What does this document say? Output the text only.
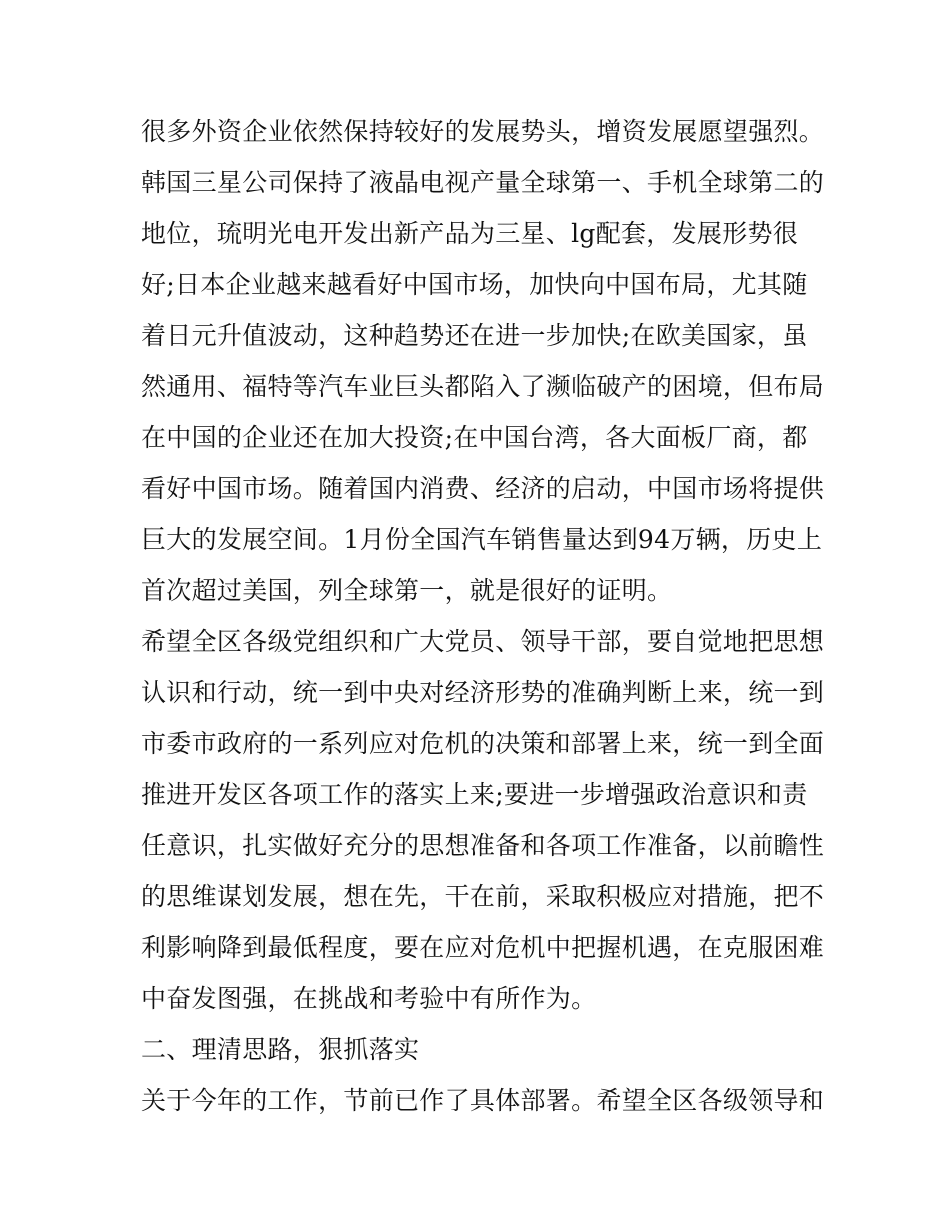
很多外资企业依然保持较好的发展势头，增资发展愿望强烈。
韩国三星公司保持了液晶电视产量全球第一、手机全球第二的
地位，琉明光电开发出新产品为三星、lg配套，发展形势很
好;日本企业越来越看好中国市场，加快向中国布局，尤其随
着日元升值波动，这种趋势还在进一步加快;在欧美国家，虽
然通用、福特等汽车业巨头都陷入了濒临破产的困境，但布局
在中国的企业还在加大投资;在中国台湾，各大面板厂商，都
看好中国市场。随着国内消费、经济的启动，中国市场将提供
巨大的发展空间。1月份全国汽车销售量达到94万辆，历史上
首次超过美国，列全球第一，就是很好的证明。
希望全区各级党组织和广大党员、领导干部，要自觉地把思想
认识和行动，统一到中央对经济形势的准确判断上来，统一到
市委市政府的一系列应对危机的决策和部署上来，统一到全面
推进开发区各项工作的落实上来;要进一步增强政治意识和责
任意识，扎实做好充分的思想准备和各项工作准备，以前瞻性
的思维谋划发展，想在先，干在前，采取积极应对措施，把不
利影响降到最低程度，要在应对危机中把握机遇，在克服困难
中奋发图强，在挑战和考验中有所作为。
二、理清思路，狠抓落实
关于今年的工作，节前已作了具体部署。希望全区各级领导和
